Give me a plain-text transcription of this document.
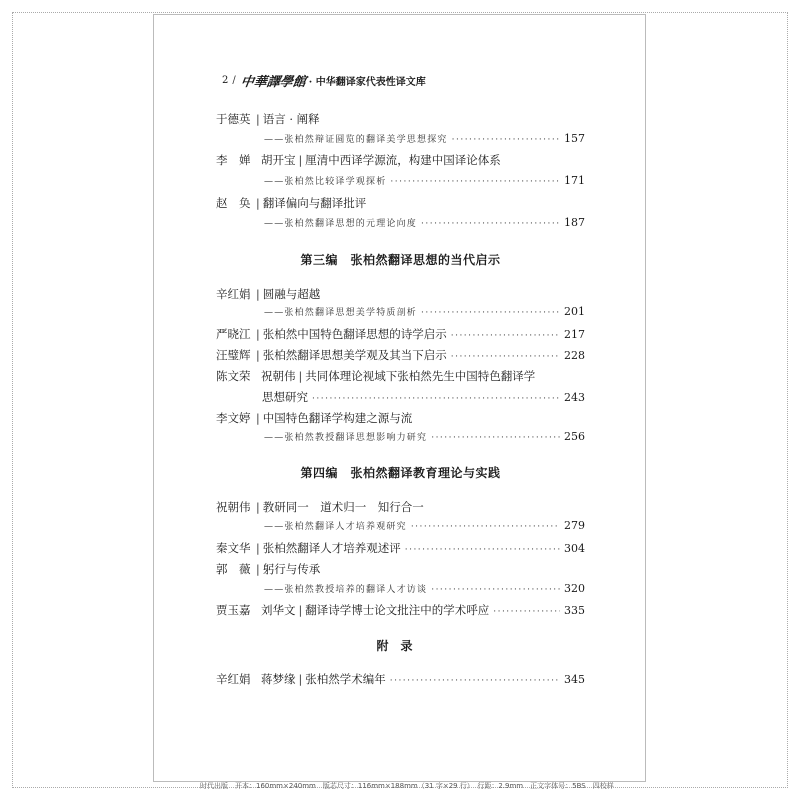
2 / 中華譯學館 · 中华翻译家代表性译文库
于德英 | 语言 · 阐释
——张柏然辩证圆览的翻译美学思想探究 ·····	157
李　婵 胡开宝 | 厘清中西译学源流，构建中国译论体系
——张柏然比较译学观探析 ·····	171
赵　奂 | 翻译偏向与翻译批评
——张柏然翻译思想的元理论向度 ·····	187
第三编　张柏然翻译思想的当代启示
辛红娟 | 圆融与超越
——张柏然翻译思想美学特质剖析 ·····	201
严晓江 | 张柏然中国特色翻译思想的诗学启示 ·····	217
汪璧辉 | 张柏然翻译思想美学观及其当下启示 ·····	228
陈文荣 祝朝伟 | 共同体理论视域下张柏然先生中国特色翻译学
思想研究 ·····	243
李文婷 | 中国特色翻译学构建之源与流
——张柏然教授翻译思想影响力研究 ·····	256
第四编　张柏然翻译教育理论与实践
祝朝伟 | 教研同一　道术归一　知行合一
——张柏然翻译人才培养观研究 ·····	279
秦文华 | 张柏然翻译人才培养观述评 ·····	304
郭　薇 | 躬行与传承
——张柏然教授培养的翻译人才访谈 ·····	320
贾玉嘉 刘华文 | 翻译诗学博士论文批注中的学术呼应 ·····	335
附录
辛红娟 蒋梦缘 | 张柏然学术编年 ·····	345
时代出版　开本：160mm×240mm　版芯尺寸：116mm×188mm（31 字×29 行）　行距：2.9mm　正文字体号：5BS　四校样
